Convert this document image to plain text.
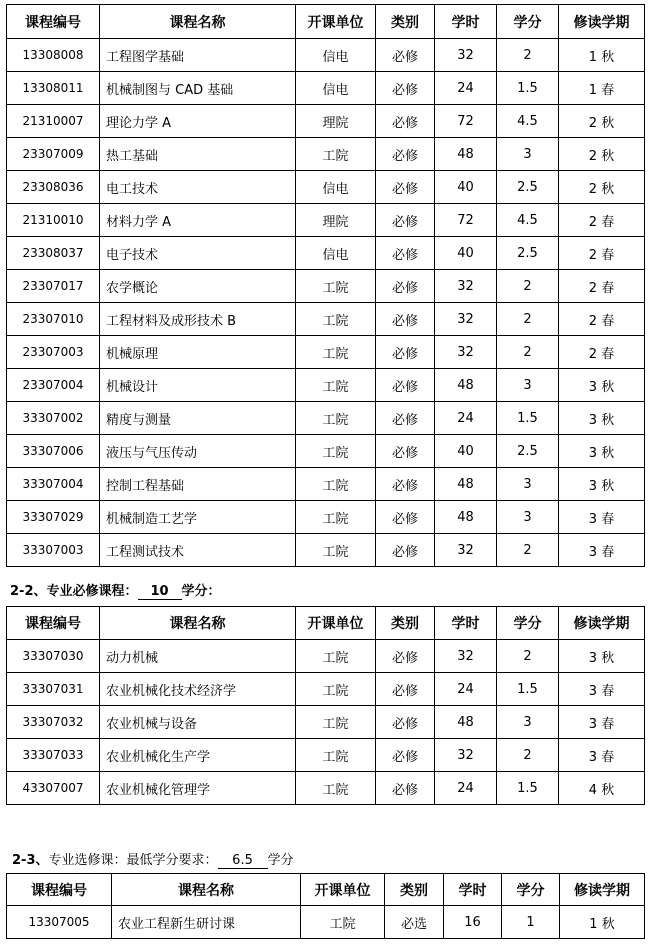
课程编号	课程名称	开课单位	类别	学时	学分	修读学期
13308008	工程图学基础	信电	必修	32	2	1 秋
13308011	机械制图与 CAD 基础	信电	必修	24	1.5	1 春
21310007	理论力学 A	理院	必修	72	4.5	2 秋
23307009	热工基础	工院	必修	48	3	2 秋
23308036	电工技术	信电	必修	40	2.5	2 秋
21310010	材料力学 A	理院	必修	72	4.5	2 春
23308037	电子技术	信电	必修	40	2.5	2 春
23307017	农学概论	工院	必修	32	2	2 春
23307010	工程材料及成形技术 B	工院	必修	32	2	2 春
23307003	机械原理	工院	必修	32	2	2 春
23307004	机械设计	工院	必修	48	3	3 秋
33307002	精度与测量	工院	必修	24	1.5	3 秋
33307006	液压与气压传动	工院	必修	40	2.5	3 秋
33307004	控制工程基础	工院	必修	48	3	3 秋
33307029	机械制造工艺学	工院	必修	48	3	3 春
33307003	工程测试技术	工院	必修	32	2	3 春
2-2、专业必修课程： 10 学分：
课程编号	课程名称	开课单位	类别	学时	学分	修读学期
33307030	动力机械	工院	必修	32	2	3 秋
33307031	农业机械化技术经济学	工院	必修	24	1.5	3 春
33307032	农业机械与设备	工院	必修	48	3	3 春
33307033	农业机械化生产学	工院	必修	32	2	3 春
43307007	农业机械化管理学	工院	必修	24	1.5	4 秋
2-3、专业选修课：最低学分要求： 6.5 学分
课程编号	课程名称	开课单位	类别	学时	学分	修读学期
13307005	农业工程新生研讨课	工院	必选	16	1	1 秋
